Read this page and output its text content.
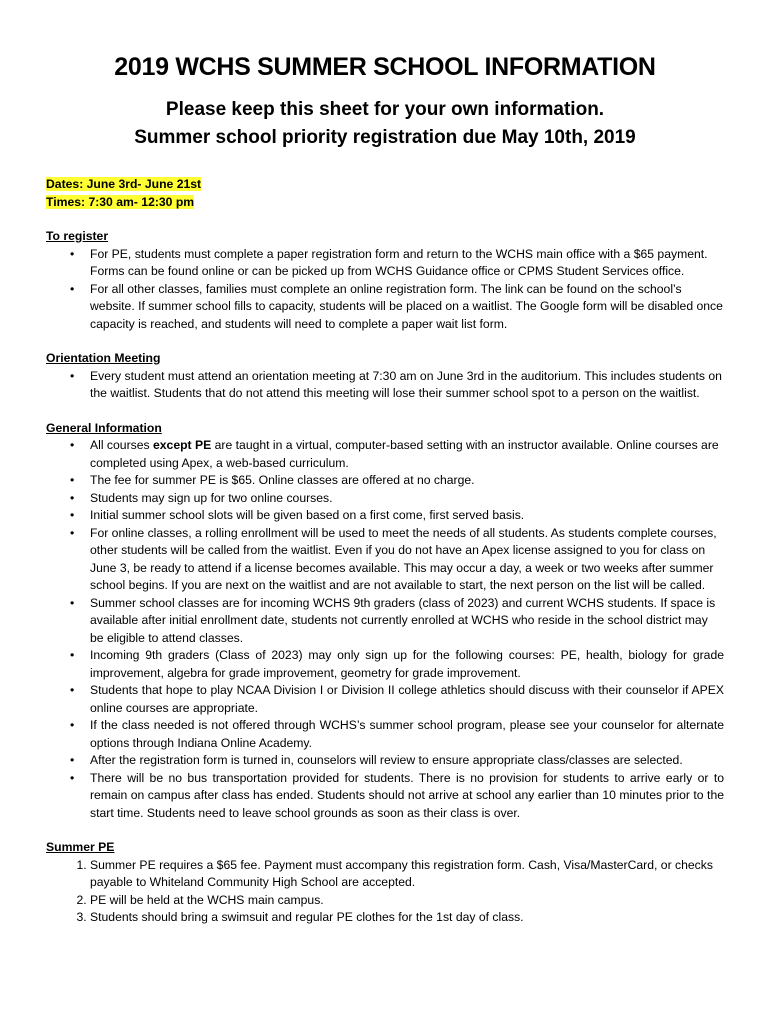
2019 WCHS SUMMER SCHOOL INFORMATION
Please keep this sheet for your own information.
Summer school priority registration due May 10th, 2019
Dates: June 3rd- June 21st
Times: 7:30 am- 12:30 pm
To register
• For PE, students must complete a paper registration form and return to the WCHS main office with a $65 payment. Forms can be found online or can be picked up from WCHS Guidance office or CPMS Student Services office.
• For all other classes, families must complete an online registration form. The link can be found on the school’s website. If summer school fills to capacity, students will be placed on a waitlist. The Google form will be disabled once capacity is reached, and students will need to complete a paper wait list form.
Orientation Meeting
• Every student must attend an orientation meeting at 7:30 am on June 3rd in the auditorium. This includes students on the waitlist. Students that do not attend this meeting will lose their summer school spot to a person on the waitlist.
General Information
• All courses except PE are taught in a virtual, computer-based setting with an instructor available. Online courses are completed using Apex, a web-based curriculum.
• The fee for summer PE is $65. Online classes are offered at no charge.
• Students may sign up for two online courses.
• Initial summer school slots will be given based on a first come, first served basis.
• For online classes, a rolling enrollment will be used to meet the needs of all students. As students complete courses, other students will be called from the waitlist. Even if you do not have an Apex license assigned to you for class on June 3, be ready to attend if a license becomes available. This may occur a day, a week or two weeks after summer school begins. If you are next on the waitlist and are not available to start, the next person on the list will be called.
• Summer school classes are for incoming WCHS 9th graders (class of 2023) and current WCHS students. If space is available after initial enrollment date, students not currently enrolled at WCHS who reside in the school district may be eligible to attend classes.
• Incoming 9th graders (Class of 2023) may only sign up for the following courses: PE, health, biology for grade improvement, algebra for grade improvement, geometry for grade improvement.
• Students that hope to play NCAA Division I or Division II college athletics should discuss with their counselor if APEX online courses are appropriate.
• If the class needed is not offered through WCHS’s summer school program, please see your counselor for alternate options through Indiana Online Academy.
• After the registration form is turned in, counselors will review to ensure appropriate class/classes are selected.
• There will be no bus transportation provided for students. There is no provision for students to arrive early or to remain on campus after class has ended. Students should not arrive at school any earlier than 10 minutes prior to the start time. Students need to leave school grounds as soon as their class is over.
Summer PE
1. Summer PE requires a $65 fee. Payment must accompany this registration form. Cash, Visa/MasterCard, or checks payable to Whiteland Community High School are accepted.
2. PE will be held at the WCHS main campus.
3. Students should bring a swimsuit and regular PE clothes for the 1st day of class.
